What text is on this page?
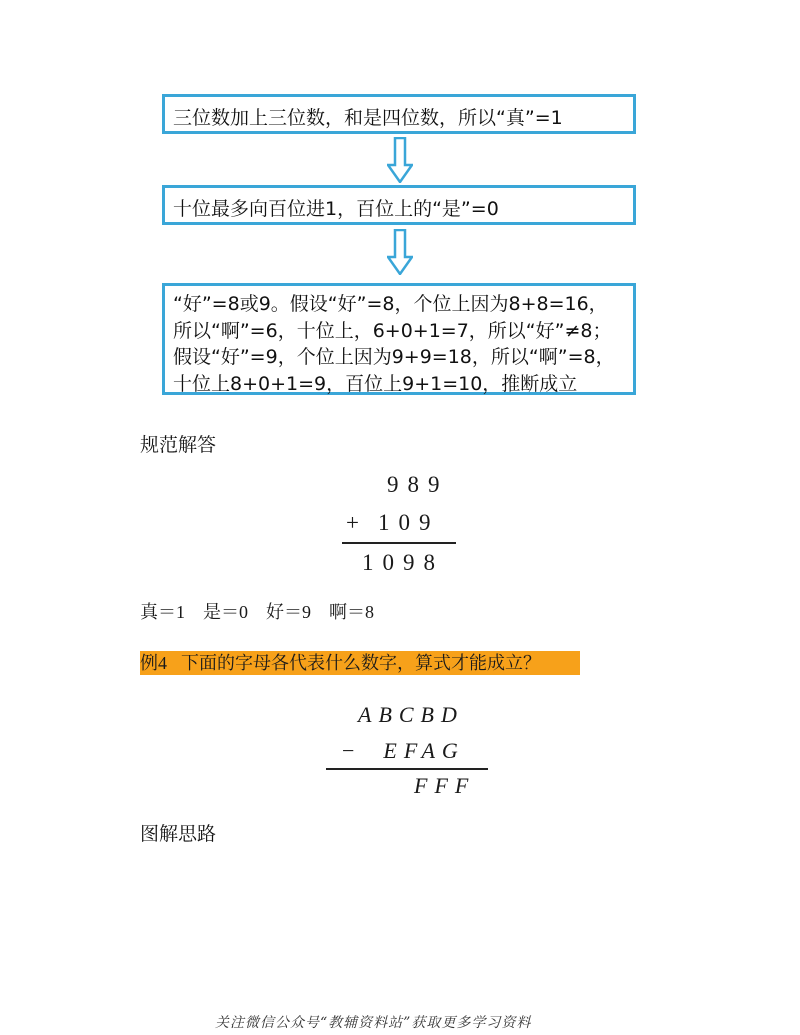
三位数加上三位数，和是四位数，所以“真”=1
十位最多向百位进1，百位上的“是”=0
“好”=8或9。假设“好”=8，个位上因为8+8=16，
所以“啊”=6，十位上，6+0+1=7，所以“好”≠8；
假设“好”=9，个位上因为9+9=18，所以“啊”=8，
十位上8+0+1=9，百位上9+1=10，推断成立
规范解答
989
+ 109
1098
真＝1 是＝0 好＝9 啊＝8
例4 下面的字母各代表什么数字，算式才能成立？
ABCBD
− EFAG
FFF
图解思路
关注微信公众号“教辅资料站”获取更多学习资料
